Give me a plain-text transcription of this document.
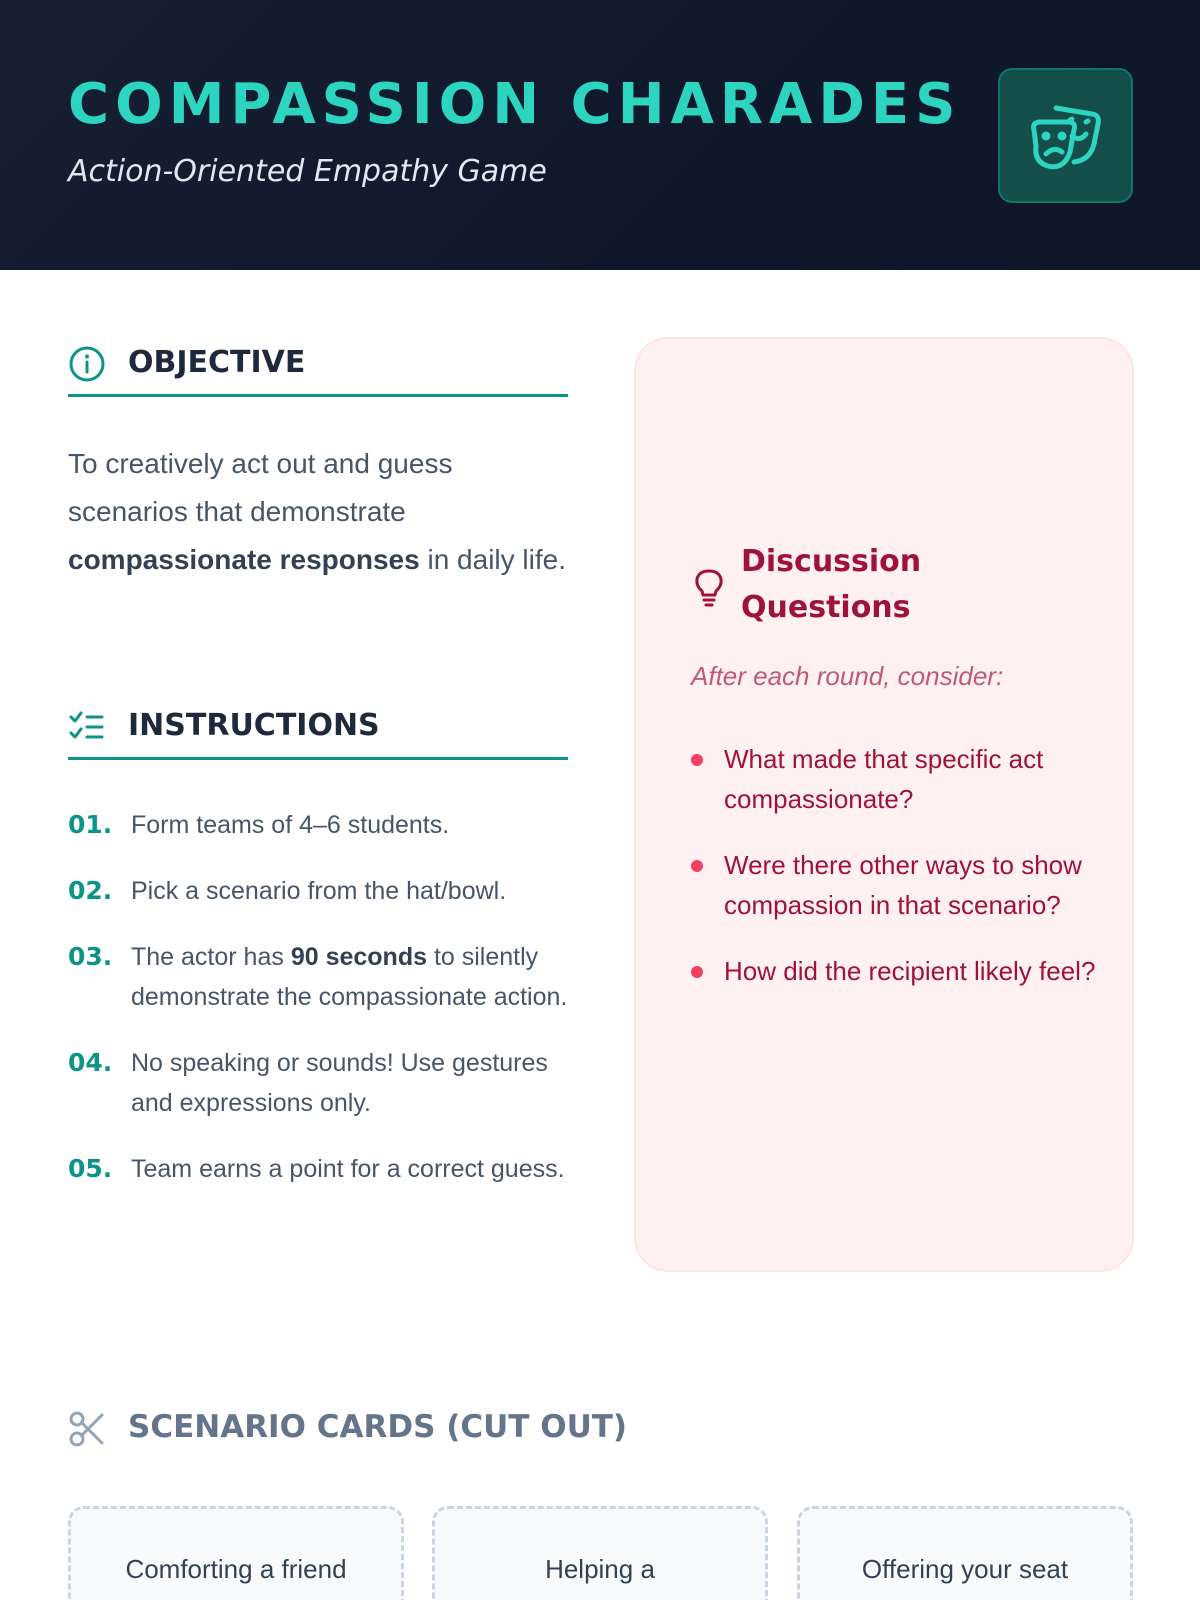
COMPASSION CHARADES
Action-Oriented Empathy Game
OBJECTIVE
To creatively act out and guess scenarios that demonstrate compassionate responses in daily life.
INSTRUCTIONS
01. Form teams of 4–6 students.
02. Pick a scenario from the hat/bowl.
03. The actor has 90 seconds to silently demonstrate the compassionate action.
04. No speaking or sounds! Use gestures and expressions only.
05. Team earns a point for a correct guess.
Discussion Questions
After each round, consider:
What made that specific act compassionate?
Were there other ways to show compassion in that scenario?
How did the recipient likely feel?
SCENARIO CARDS (CUT OUT)
Comforting a friend	Helping a	Offering your seat
